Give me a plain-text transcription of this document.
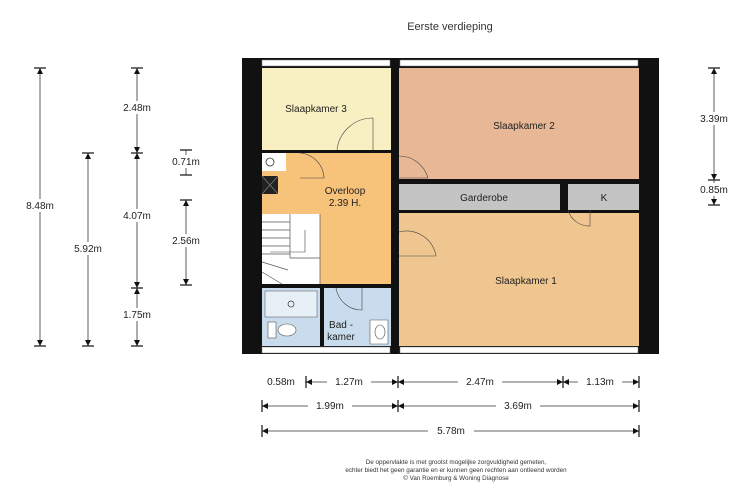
Eerste verdieping
Slaapkamer 3
Slaapkamer 2
Overloop
2.39 H.	Garderobe	K
Slaapkamer 1
Bad -
kamer
8.48m
5.92m
2.48m
4.07m
1.75m
0.71m
2.56m
3.39m
0.85m
0.58m	1.27m	2.47m	1.13m
1.99m	3.69m
5.78m
De oppervlakte is met grootst mogelijke zorgvuldigheid gemeten,
echter biedt het geen garantie en er kunnen geen rechten aan ontleend worden
© Van Roemburg & Woning Diagnose
